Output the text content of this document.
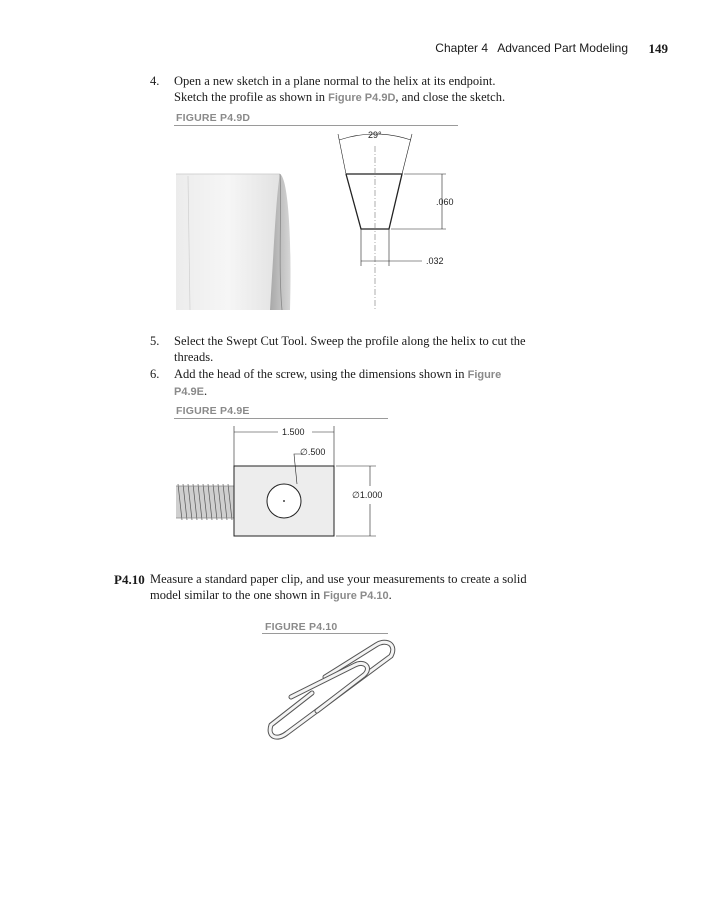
Chapter 4 Advanced Part Modeling 149
4. Open a new sketch in a plane normal to the helix at its endpoint.
Sketch the profile as shown in Figure P4.9D, and close the sketch.
FIGURE P4.9D
29°
.060
.032
5. Select the Swept Cut Tool. Sweep the profile along the helix to cut the
threads.
6. Add the head of the screw, using the dimensions shown in Figure
P4.9E.
FIGURE P4.9E
1.500
∅.500
∅1.000
P4.10 Measure a standard paper clip, and use your measurements to create a solid
model similar to the one shown in Figure P4.10.
FIGURE P4.10
